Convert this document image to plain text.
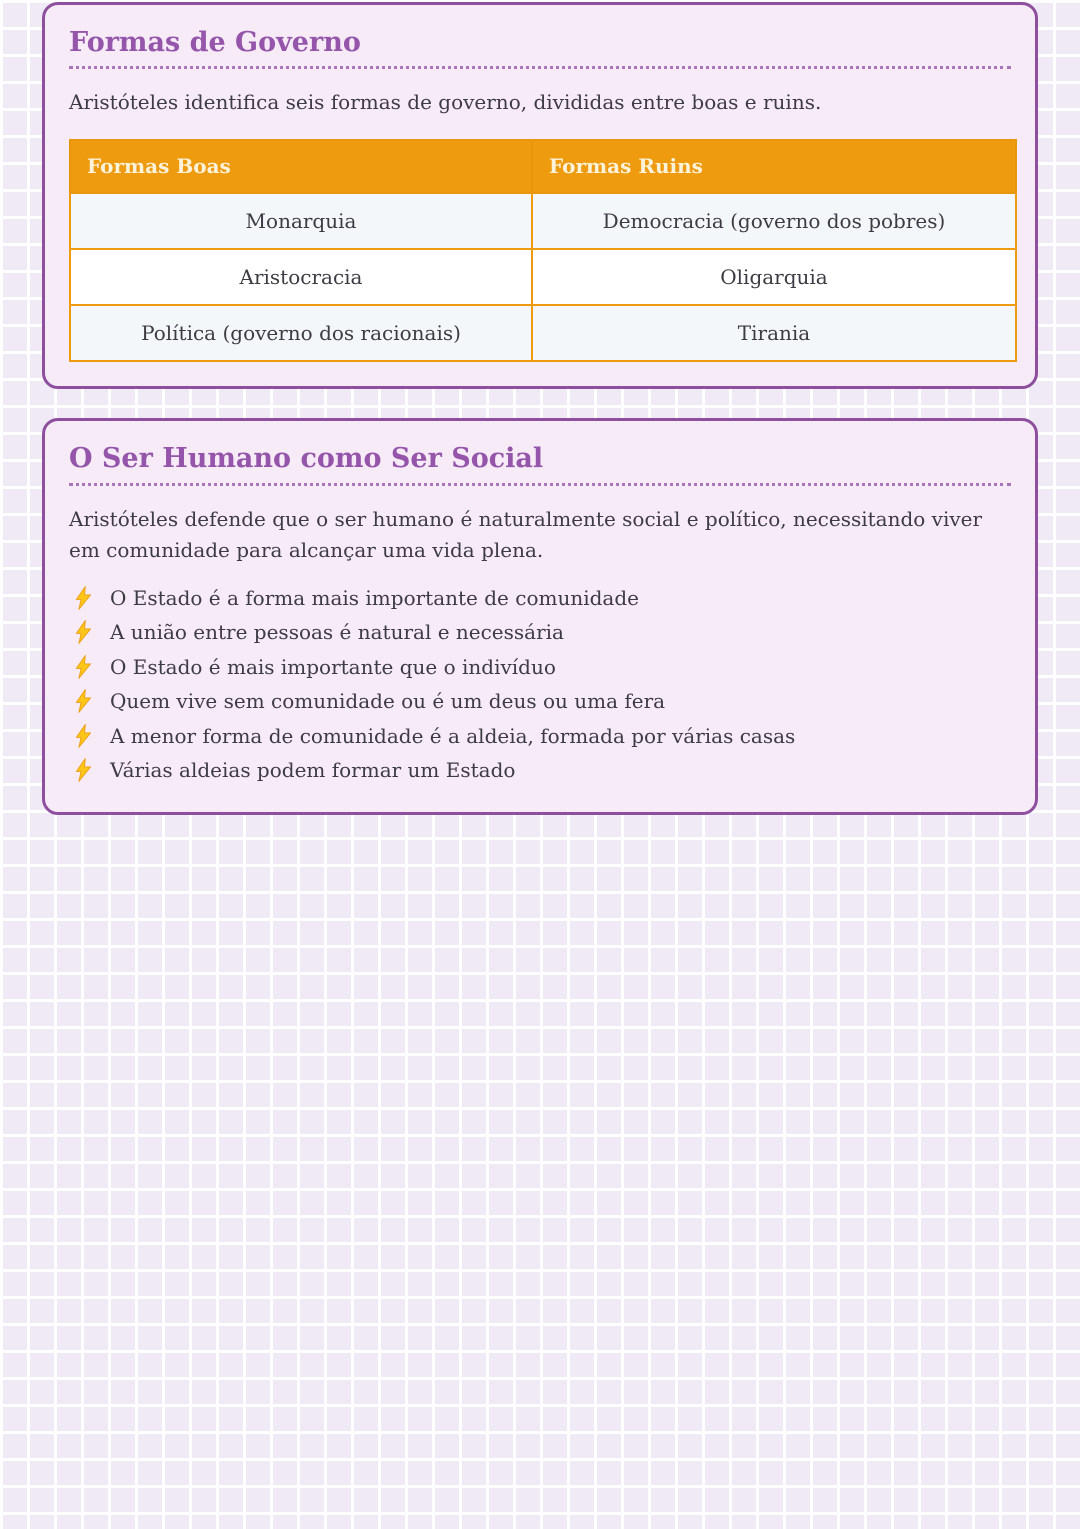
Formas de Governo

Aristóteles identifica seis formas de governo, divididas entre boas e ruins.

Formas Boas	Formas Ruins
Monarquia	Democracia (governo dos pobres)
Aristocracia	Oligarquia
Política (governo dos racionais)	Tirania
O Ser Humano como Ser Social

Aristóteles defende que o ser humano é naturalmente social e político, necessitando viver em comunidade para alcançar uma vida plena.

O Estado é a forma mais importante de comunidade
A união entre pessoas é natural e necessária
O Estado é mais importante que o indivíduo
Quem vive sem comunidade ou é um deus ou uma fera
A menor forma de comunidade é a aldeia, formada por várias casas
Várias aldeias podem formar um Estado
